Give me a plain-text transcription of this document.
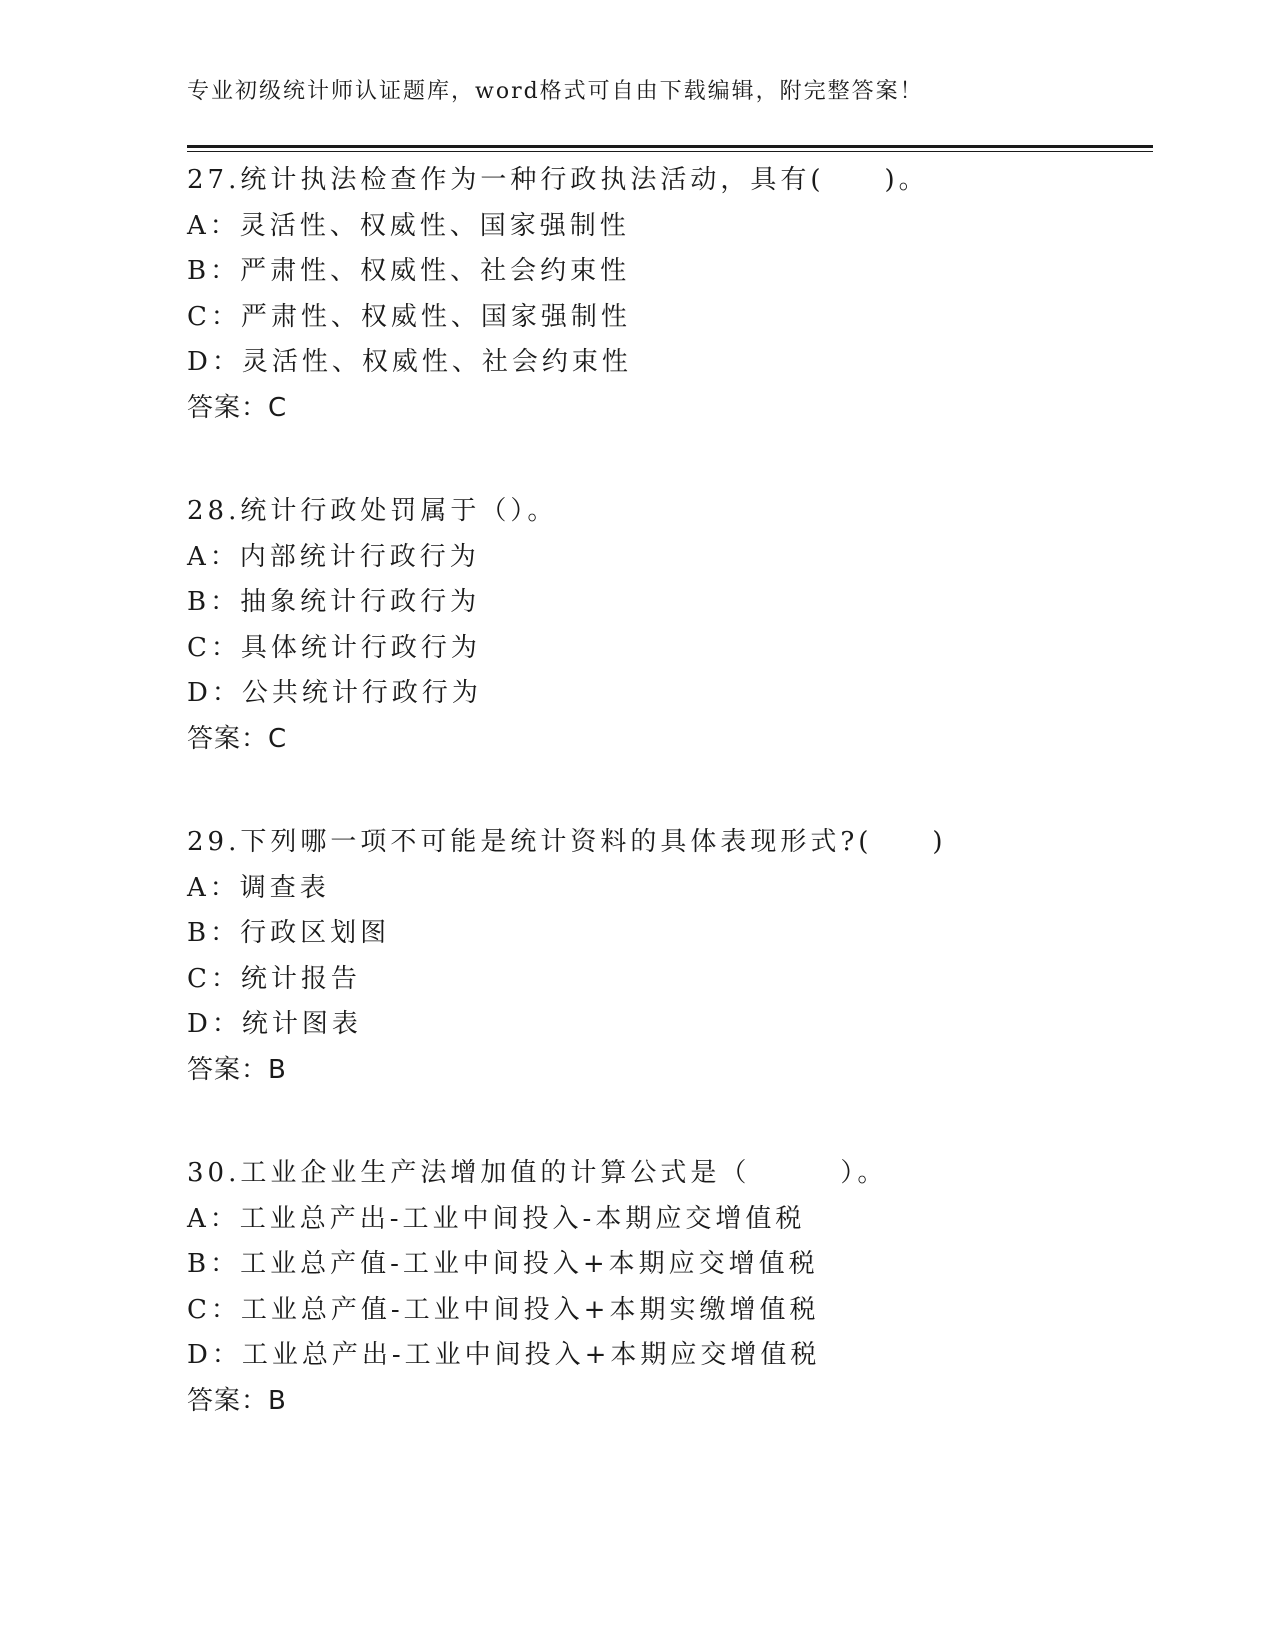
专业初级统计师认证题库，word格式可自由下载编辑，附完整答案！
27.统计执法检查作为一种行政执法活动，具有(　　)。
A：灵活性、权威性、国家强制性
B：严肃性、权威性、社会约束性
C：严肃性、权威性、国家强制性
D：灵活性、权威性、社会约束性
答案：C
28.统计行政处罚属于（）。
A：内部统计行政行为
B：抽象统计行政行为
C：具体统计行政行为
D：公共统计行政行为
答案：C
29.下列哪一项不可能是统计资料的具体表现形式?(　　)
A：调查表
B：行政区划图
C：统计报告
D：统计图表
答案：B
30.工业企业生产法增加值的计算公式是（　　　）。
A：工业总产出-工业中间投入-本期应交增值税
B：工业总产值-工业中间投入+本期应交增值税
C：工业总产值-工业中间投入+本期实缴增值税
D：工业总产出-工业中间投入+本期应交增值税
答案：B
